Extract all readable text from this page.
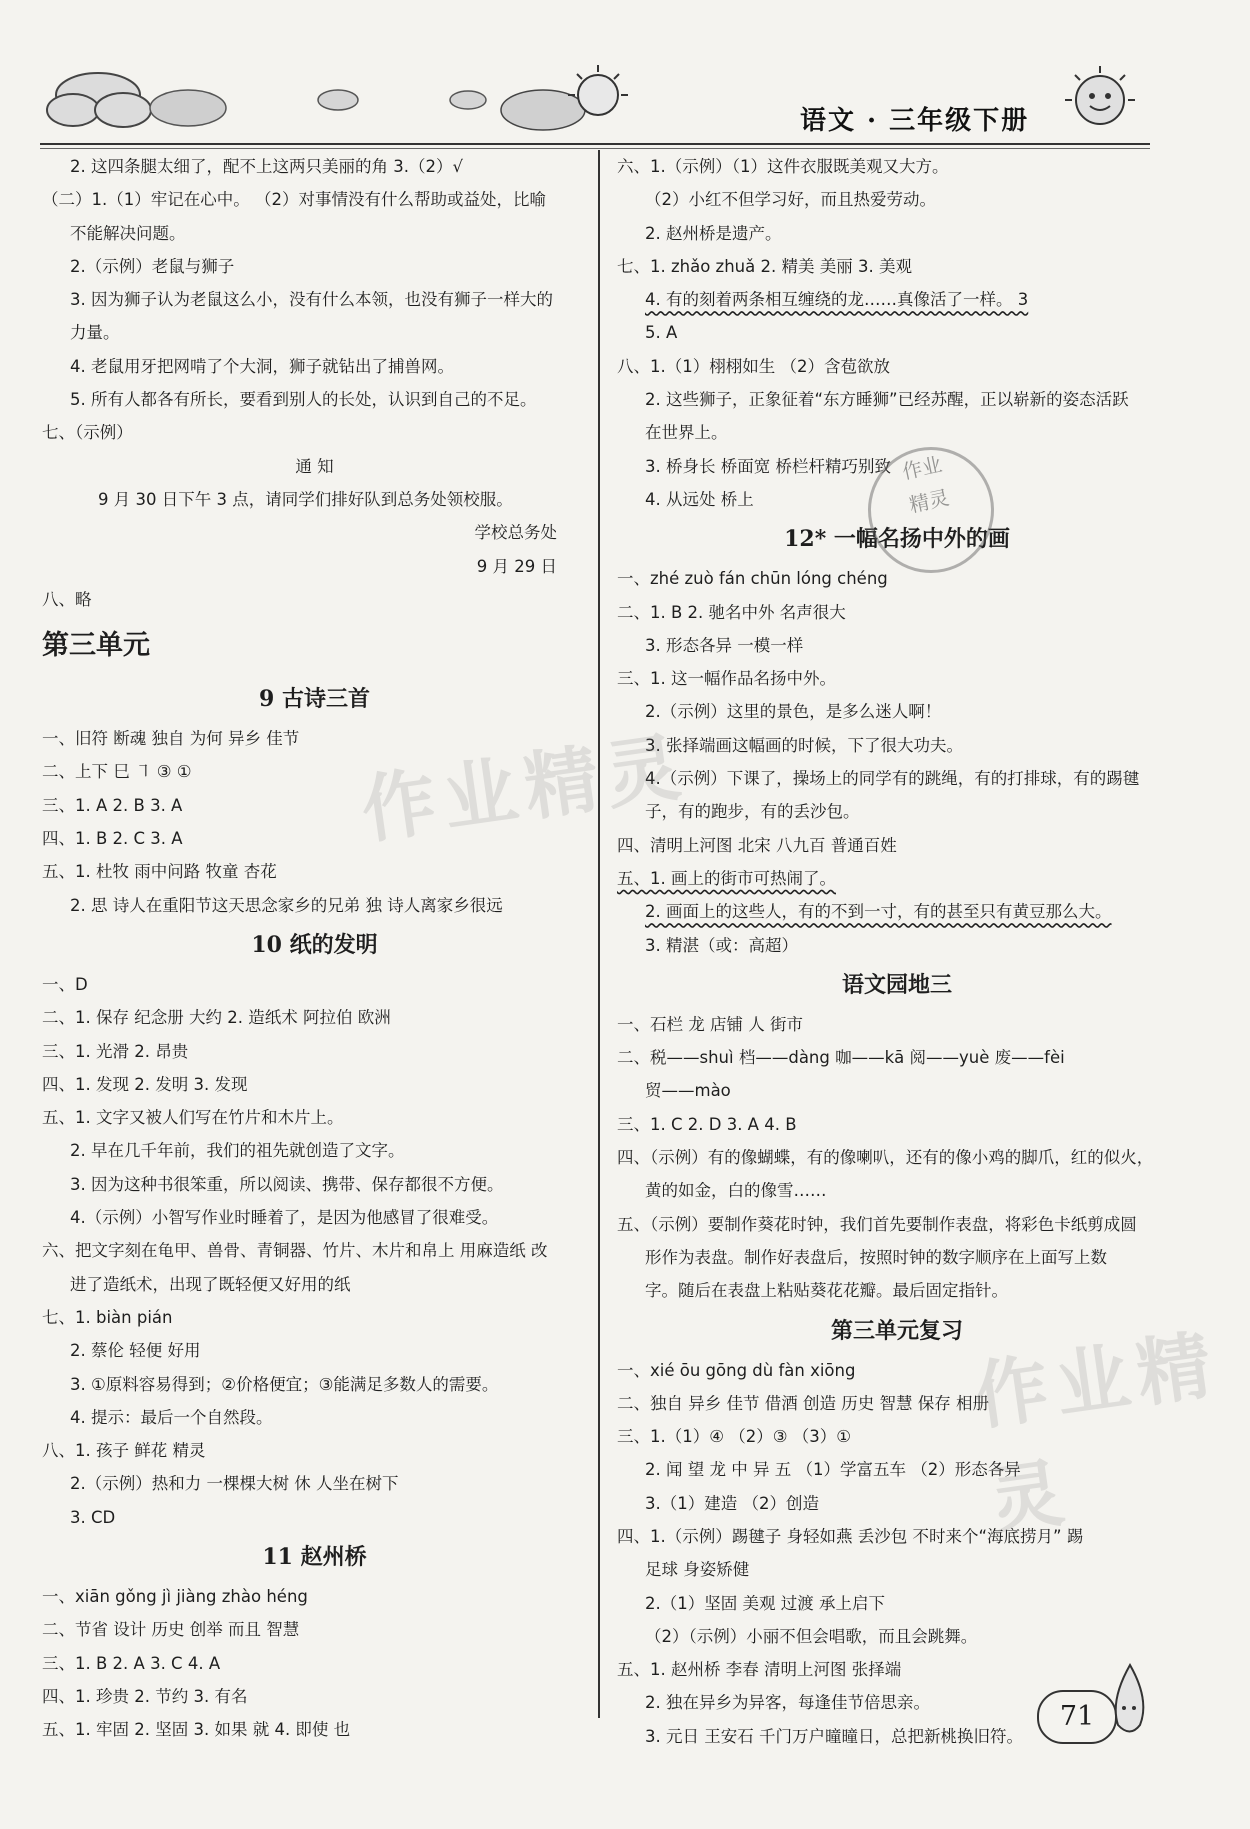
语文 · 三年级下册
2. 这四条腿太细了，配不上这两只美丽的角 3.（2）√
（二）1.（1）牢记在心中。 （2）对事情没有什么帮助或益处，比喻
不能解决问题。
2.（示例）老鼠与狮子
3. 因为狮子认为老鼠这么小，没有什么本领，也没有狮子一样大的
力量。
4. 老鼠用牙把网啃了个大洞，狮子就钻出了捕兽网。
5. 所有人都各有所长，要看到别人的长处，认识到自己的不足。
七、（示例）
通 知
9 月 30 日下午 3 点，请同学们排好队到总务处领校服。
学校总务处
9 月 29 日
八、略
第三单元
9 古诗三首
一、旧符 断魂 独自 为何 异乡 佳节
二、上下 巳 ㇕ ③ ①
三、1. A 2. B 3. A
四、1. B 2. C 3. A
五、1. 杜牧 雨中问路 牧童 杏花
2. 思 诗人在重阳节这天思念家乡的兄弟 独 诗人离家乡很远
10 纸的发明
一、D
二、1. 保存 纪念册 大约 2. 造纸术 阿拉伯 欧洲
三、1. 光滑 2. 昂贵
四、1. 发现 2. 发明 3. 发现
五、1. 文字又被人们写在竹片和木片上。
2. 早在几千年前，我们的祖先就创造了文字。
3. 因为这种书很笨重，所以阅读、携带、保存都很不方便。
4.（示例）小智写作业时睡着了，是因为他感冒了很难受。
六、把文字刻在龟甲、兽骨、青铜器、竹片、木片和帛上 用麻造纸 改
进了造纸术，出现了既轻便又好用的纸
七、1. biàn pián
2. 蔡伦 轻便 好用
3. ①原料容易得到；②价格便宜；③能满足多数人的需要。
4. 提示：最后一个自然段。
八、1. 孩子 鲜花 精灵
2.（示例）热和力 一棵棵大树 休 人坐在树下
3. CD
11 赵州桥
一、xiān gǒng jì jiàng zhào héng
二、节省 设计 历史 创举 而且 智慧
三、1. B 2. A 3. C 4. A
四、1. 珍贵 2. 节约 3. 有名
五、1. 牢固 2. 坚固 3. 如果 就 4. 即使 也
六、1.（示例）（1）这件衣服既美观又大方。
（2）小红不但学习好，而且热爱劳动。
2. 赵州桥是遗产。
七、1. zhǎo zhuǎ 2. 精美 美丽 3. 美观
4. 有的刻着两条相互缠绕的龙……真像活了一样。 3
5. A
八、1.（1）栩栩如生 （2）含苞欲放
2. 这些狮子，正象征着“东方睡狮”已经苏醒，正以崭新的姿态活跃
在世界上。
3. 桥身长 桥面宽 桥栏杆精巧别致
4. 从远处 桥上
12* 一幅名扬中外的画
一、zhé zuò fán chūn lóng chéng
二、1. B 2. 驰名中外 名声很大
3. 形态各异 一模一样
三、1. 这一幅作品名扬中外。
2.（示例）这里的景色，是多么迷人啊！
3. 张择端画这幅画的时候，下了很大功夫。
4.（示例）下课了，操场上的同学有的跳绳，有的打排球，有的踢毽
子，有的跑步，有的丢沙包。
四、清明上河图 北宋 八九百 普通百姓
五、1. 画上的街市可热闹了。
2. 画面上的这些人，有的不到一寸，有的甚至只有黄豆那么大。
3. 精湛（或：高超）
语文园地三
一、石栏 龙 店铺 人 街市
二、税——shuì 档——dàng 咖——kā 阅——yuè 废——fèi
贸——mào
三、1. C 2. D 3. A 4. B
四、（示例）有的像蝴蝶，有的像喇叭，还有的像小鸡的脚爪，红的似火，
黄的如金，白的像雪……
五、（示例）要制作葵花时钟，我们首先要制作表盘，将彩色卡纸剪成圆
形作为表盘。制作好表盘后，按照时钟的数字顺序在上面写上数
字。随后在表盘上粘贴葵花花瓣。最后固定指针。
第三单元复习
一、xié ōu gōng dù fàn xiōng
二、独自 异乡 佳节 借酒 创造 历史 智慧 保存 相册
三、1.（1）④ （2）③ （3）①
2. 闻 望 龙 中 异 五 （1）学富五车 （2）形态各异
3.（1）建造 （2）创造
四、1.（示例）踢毽子 身轻如燕 丢沙包 不时来个“海底捞月” 踢
足球 身姿矫健
2.（1）坚固 美观 过渡 承上启下
（2）（示例）小丽不但会唱歌，而且会跳舞。
五、1. 赵州桥 李春 清明上河图 张择端
2. 独在异乡为异客，每逢佳节倍思亲。
3. 元日 王安石 千门万户曈曈日，总把新桃换旧符。
作业精灵
作业精灵
作业
精灵
71
